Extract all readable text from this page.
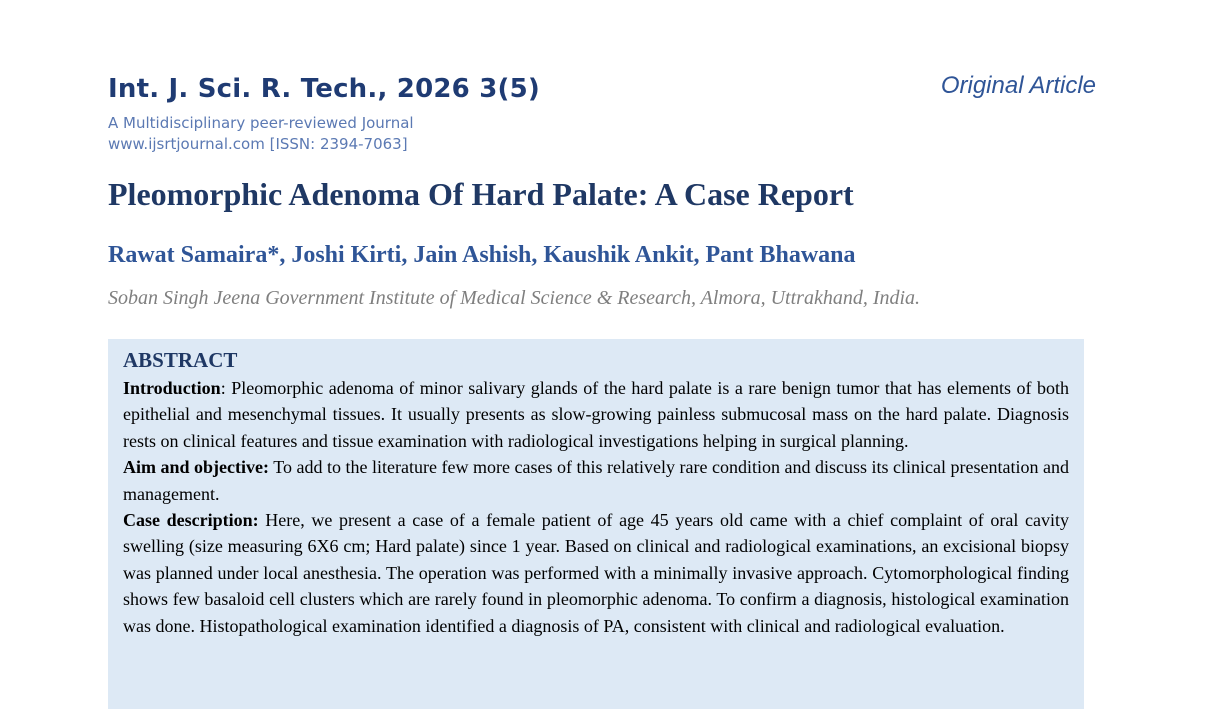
Int. J. Sci. R. Tech., 2026 3(5)
A Multidisciplinary peer-reviewed Journal
www.ijsrtjournal.com [ISSN: 2394-7063]
Original Article
Pleomorphic Adenoma Of Hard Palate: A Case Report
Rawat Samaira*, Joshi Kirti, Jain Ashish, Kaushik Ankit, Pant Bhawana
Soban Singh Jeena Government Institute of Medical Science & Research, Almora, Uttrakhand, India.
ABSTRACT

Introduction: Pleomorphic adenoma of minor salivary glands of the hard palate is a rare benign tumor that has elements of both epithelial and mesenchymal tissues. It usually presents as slow-growing painless submucosal mass on the hard palate. Diagnosis rests on clinical features and tissue examination with radiological investigations helping in surgical planning.

Aim and objective: To add to the literature few more cases of this relatively rare condition and discuss its clinical presentation and management.

Case description: Here, we present a case of a female patient of age 45 years old came with a chief complaint of oral cavity swelling (size measuring 6X6 cm; Hard palate) since 1 year. Based on clinical and radiological examinations, an excisional biopsy was planned under local anesthesia. The operation was performed with a minimally invasive approach. Cytomorphological finding shows few basaloid cell clusters which are rarely found in pleomorphic adenoma. To confirm a diagnosis, histological examination was done. Histopathological examination identified a diagnosis of PA, consistent with clinical and radiological evaluation.
